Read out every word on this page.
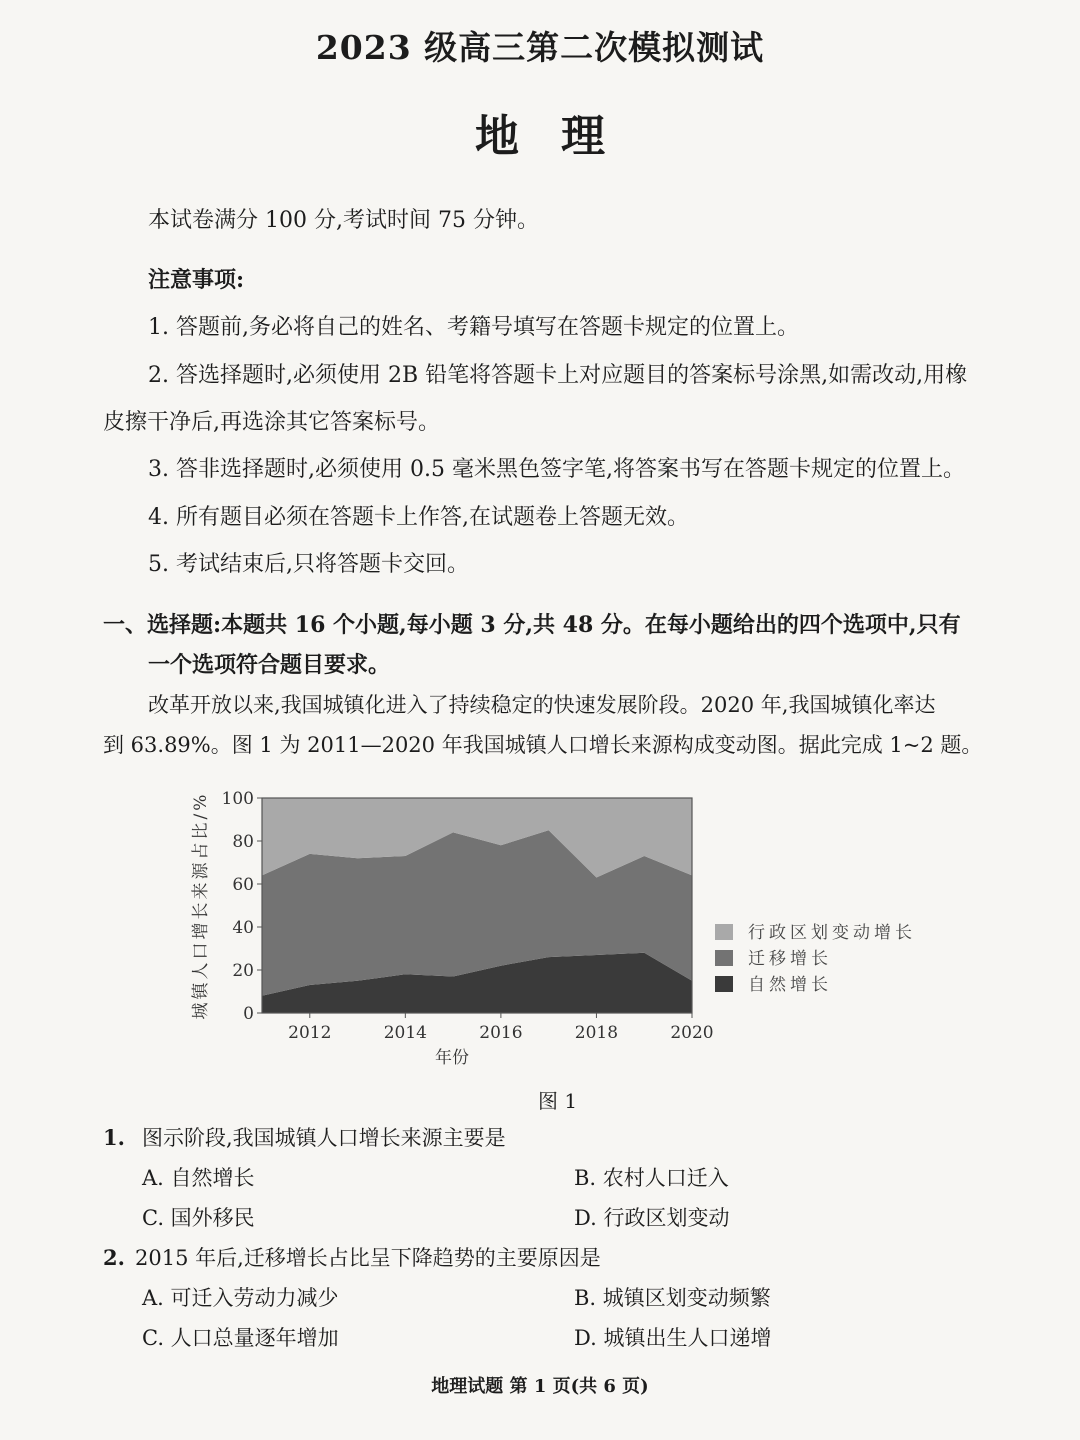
2023 级高三第二次模拟测试
地理
本试卷满分 100 分,考试时间 75 分钟。
注意事项:
1. 答题前,务必将自己的姓名、考籍号填写在答题卡规定的位置上。
2. 答选择题时,必须使用 2B 铅笔将答题卡上对应题目的答案标号涂黑,如需改动,用橡
皮擦干净后,再选涂其它答案标号。
3. 答非选择题时,必须使用 0.5 毫米黑色签字笔,将答案书写在答题卡规定的位置上。
4. 所有题目必须在答题卡上作答,在试题卷上答题无效。
5. 考试结束后,只将答题卡交回。
一、选择题:本题共 16 个小题,每小题 3 分,共 48 分。在每小题给出的四个选项中,只有
一个选项符合题目要求。
改革开放以来,我国城镇化进入了持续稳定的快速发展阶段。2020 年,我国城镇化率达
到 63.89%。图 1 为 2011—2020 年我国城镇人口增长来源构成变动图。据此完成 1~2 题。
0
20
40
60
80
100
2012	2014	2016	2018	2020
城镇人口增长来源占比/%
年份
行政区划变动增长
迁移增长
自然增长
图 1
1. 图示阶段,我国城镇人口增长来源主要是
A. 自然增长	B. 农村人口迁入
C. 国外移民	D. 行政区划变动
2. 2015 年后,迁移增长占比呈下降趋势的主要原因是
A. 可迁入劳动力减少	B. 城镇区划变动频繁
C. 人口总量逐年增加	D. 城镇出生人口递增
地理试题 第 1 页(共 6 页)
